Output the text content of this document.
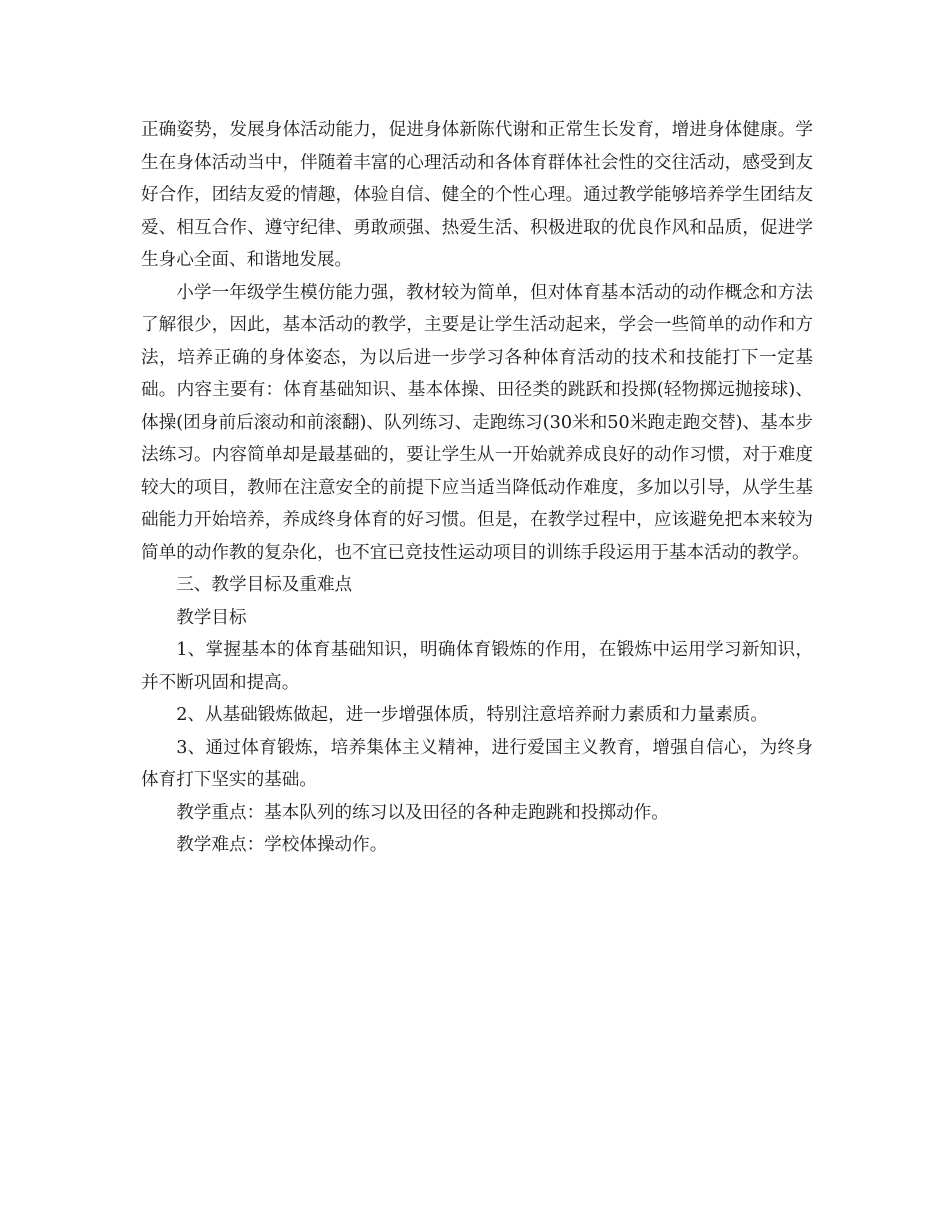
正确姿势，发展身体活动能力，促进身体新陈代谢和正常生长发育，增进身体健康。学生在身体活动当中，伴随着丰富的心理活动和各体育群体社会性的交往活动，感受到友好合作，团结友爱的情趣，体验自信、健全的个性心理。通过教学能够培养学生团结友爱、相互合作、遵守纪律、勇敢顽强、热爱生活、积极进取的优良作风和品质，促进学生身心全面、和谐地发展。

小学一年级学生模仿能力强，教材较为简单，但对体育基本活动的动作概念和方法了解很少，因此，基本活动的教学，主要是让学生活动起来，学会一些简单的动作和方法，培养正确的身体姿态，为以后进一步学习各种体育活动的技术和技能打下一定基础。内容主要有：体育基础知识、基本体操、田径类的跳跃和投掷(轻物掷远抛接球)、体操(团身前后滚动和前滚翻)、队列练习、走跑练习(30米和50米跑走跑交替)、基本步法练习。内容简单却是最基础的，要让学生从一开始就养成良好的动作习惯，对于难度较大的项目，教师在注意安全的前提下应当适当降低动作难度，多加以引导，从学生基础能力开始培养，养成终身体育的好习惯。但是，在教学过程中，应该避免把本来较为简单的动作教的复杂化，也不宜已竞技性运动项目的训练手段运用于基本活动的教学。

三、教学目标及重难点

教学目标

1、掌握基本的体育基础知识，明确体育锻炼的作用，在锻炼中运用学习新知识，并不断巩固和提高。

2、从基础锻炼做起，进一步增强体质，特别注意培养耐力素质和力量素质。

3、通过体育锻炼，培养集体主义精神，进行爱国主义教育，增强自信心，为终身体育打下坚实的基础。

教学重点：基本队列的练习以及田径的各种走跑跳和投掷动作。

教学难点：学校体操动作。
